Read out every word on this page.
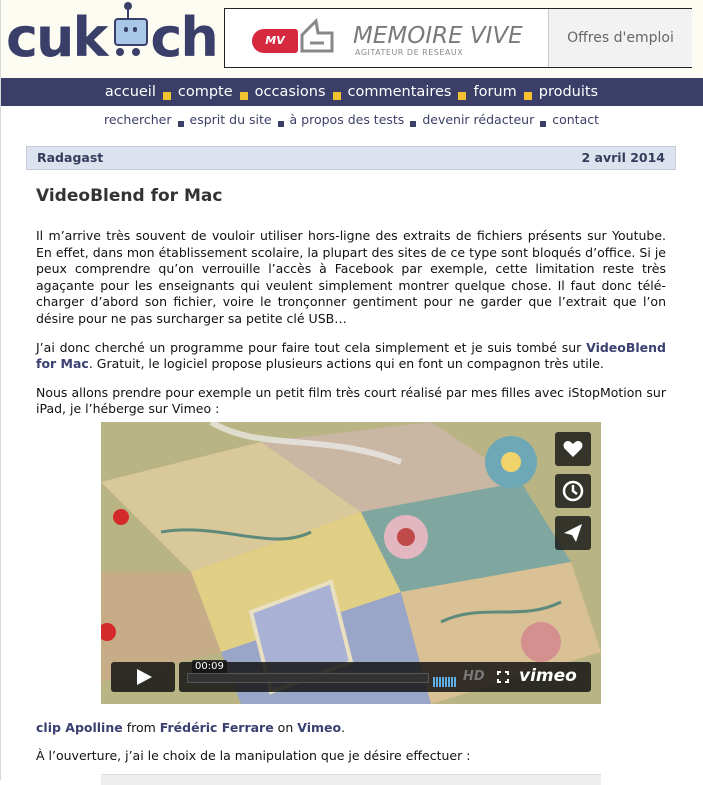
cuk ch	MV	MEMOIRE VIVE
AGITATEUR DE RESEAUX
Offres d'emploi
accueil compte occasions commentaires forum produits
rechercher esprit du site à propos des tests devenir rédacteur contact
Radagast	2 avril 2014
VideoBlend for Mac

Il m’arrive très souvent de vouloir utiliser hors-ligne des extraits de fichiers présents sur Youtube. En effet, dans mon établissement scolaire, la plupart des sites de ce type sont bloqués d’office. Si je peux comprendre qu’on verrouille l’accès à Facebook par exemple, cette limitation reste très agaçante pour les enseignants qui veulent simplement montrer quelque chose. Il faut donc télé-charger d’abord son fichier, voire le tronçonner gentiment pour ne garder que l’extrait que l’on désire pour ne pas surcharger sa petite clé USB…

J’ai donc cherché un programme pour faire tout cela simplement et je suis tombé sur VideoBlend for Mac. Gratuit, le logiciel propose plusieurs actions qui en font un compagnon très utile.

Nous allons prendre pour exemple un petit film très court réalisé par mes filles avec iStopMotion sur iPad, je l’héberge sur Vimeo :

00:09
HD vimeo
clip Apolline from Frédéric Ferrare on Vimeo.
À l’ouverture, j’ai le choix de la manipulation que je désire effectuer :
